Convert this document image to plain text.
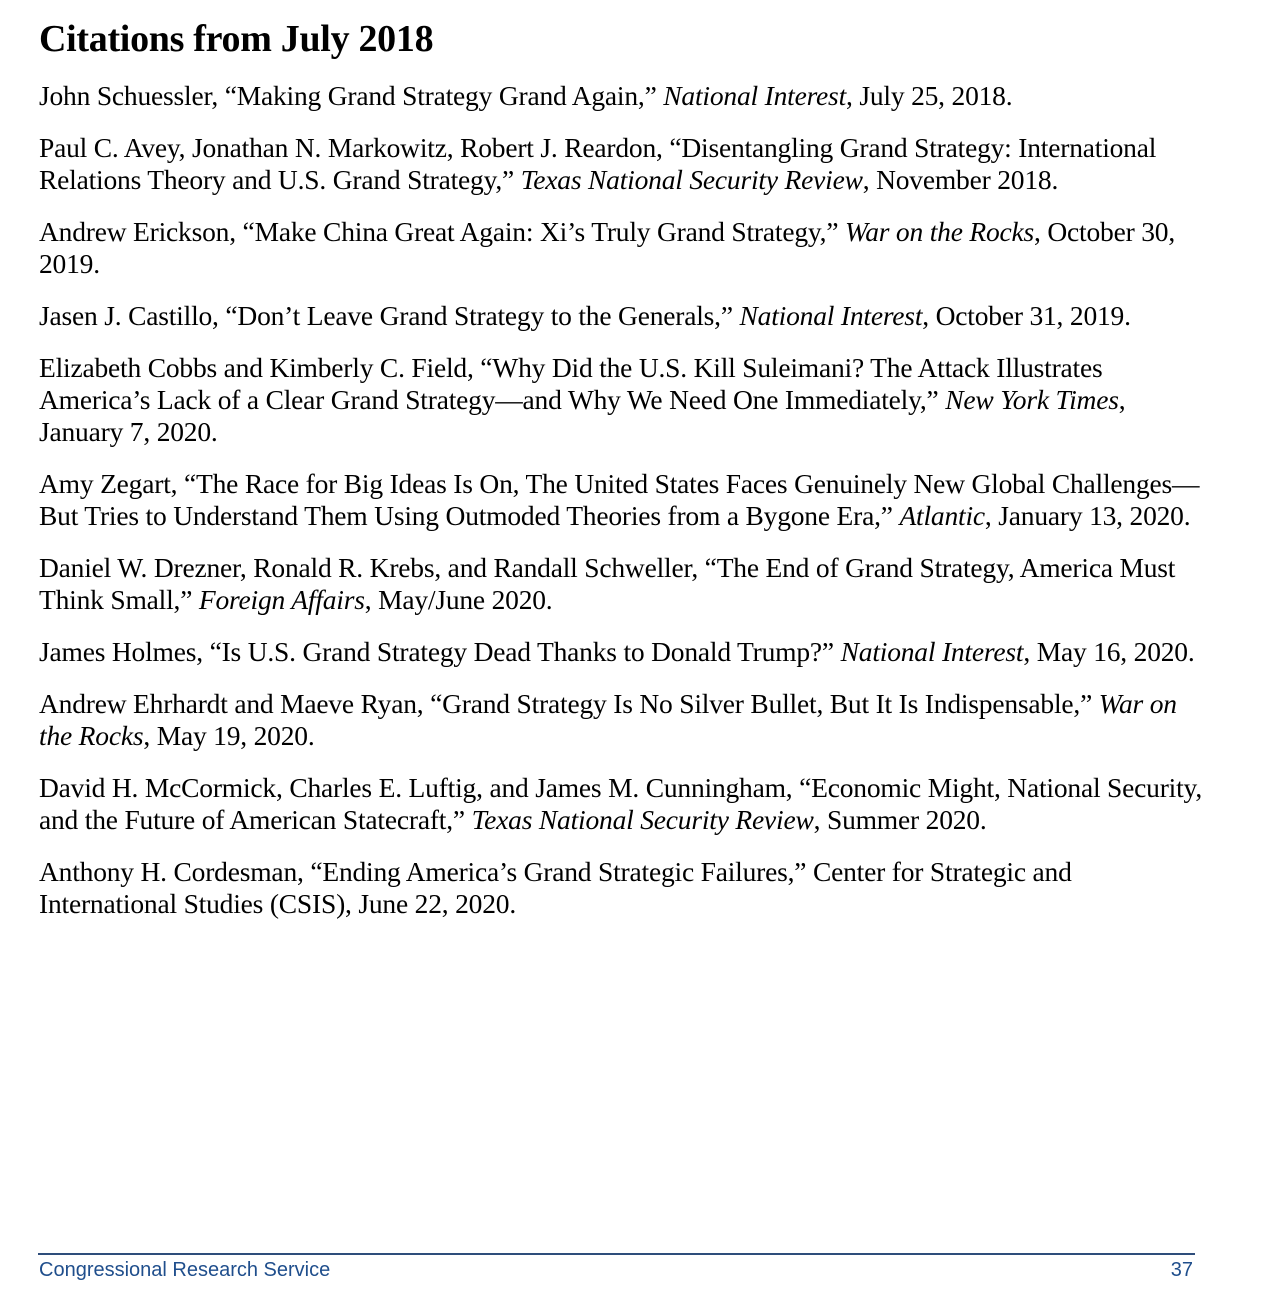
Citations from July 2018
John Schuessler, “Making Grand Strategy Grand Again,” National Interest, July 25, 2018.
Paul C. Avey, Jonathan N. Markowitz, Robert J. Reardon, “Disentangling Grand Strategy: International Relations Theory and U.S. Grand Strategy,” Texas National Security Review, November 2018.
Andrew Erickson, “Make China Great Again: Xi’s Truly Grand Strategy,” War on the Rocks, October 30, 2019.
Jasen J. Castillo, “Don’t Leave Grand Strategy to the Generals,” National Interest, October 31, 2019.
Elizabeth Cobbs and Kimberly C. Field, “Why Did the U.S. Kill Suleimani? The Attack Illustrates America’s Lack of a Clear Grand Strategy—and Why We Need One Immediately,” New York Times, January 7, 2020.
Amy Zegart, “The Race for Big Ideas Is On, The United States Faces Genuinely New Global Challenges—But Tries to Understand Them Using Outmoded Theories from a Bygone Era,” Atlantic, January 13, 2020.
Daniel W. Drezner, Ronald R. Krebs, and Randall Schweller, “The End of Grand Strategy, America Must Think Small,” Foreign Affairs, May/June 2020.
James Holmes, “Is U.S. Grand Strategy Dead Thanks to Donald Trump?” National Interest, May 16, 2020.
Andrew Ehrhardt and Maeve Ryan, “Grand Strategy Is No Silver Bullet, But It Is Indispensable,” War on the Rocks, May 19, 2020.
David H. McCormick, Charles E. Luftig, and James M. Cunningham, “Economic Might, National Security, and the Future of American Statecraft,” Texas National Security Review, Summer 2020.
Anthony H. Cordesman, “Ending America’s Grand Strategic Failures,” Center for Strategic and International Studies (CSIS), June 22, 2020.
Congressional Research Service	37
